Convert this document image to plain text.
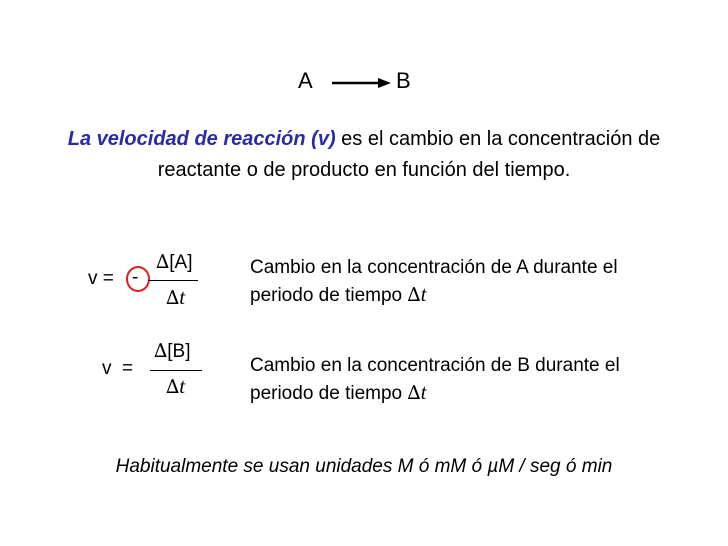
A → B
La velocidad de reacción (v) es el cambio en la concentración de reactante o de producto en función del tiempo.
v = -
∆[A]
∆t
Cambio en la concentración de A durante el periodo de tiempo ∆t
v  =
∆[B]
∆t
Cambio en la concentración de B durante el periodo de tiempo ∆t
Habitualmente se usan unidades M ó mM ó µM / seg ó min
